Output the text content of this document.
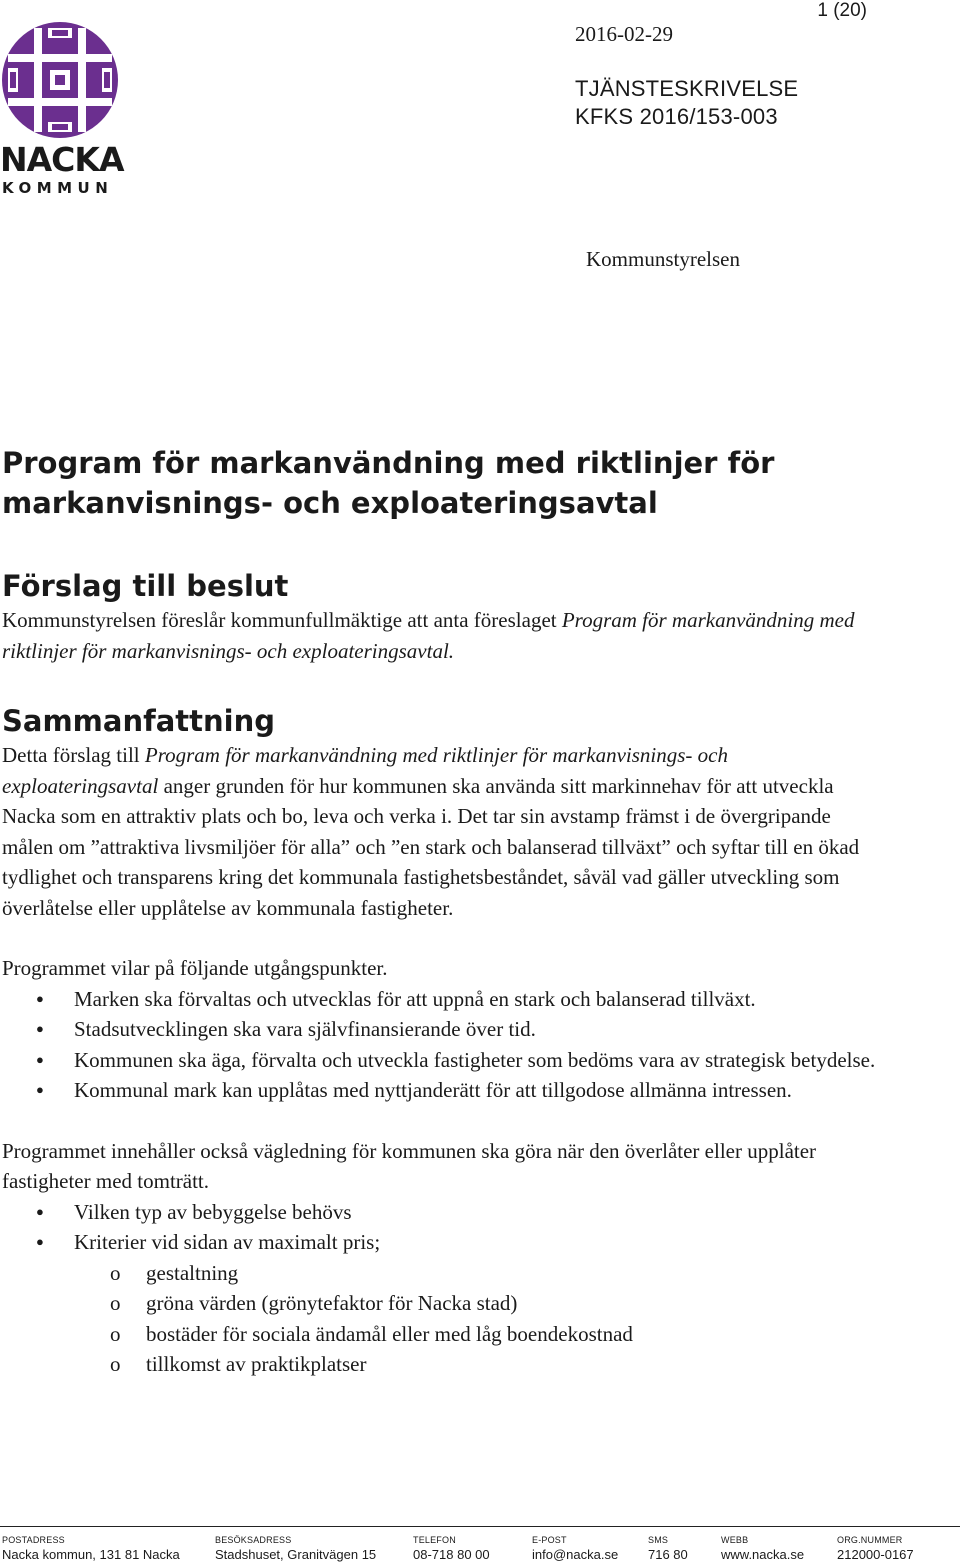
NACKA
KOMMUN
1 (20)
2016-02-29
TJÄNSTESKRIVELSE
KFKS 2016/153-003
Kommunstyrelsen
Program för markanvändning med riktlinjer för markanvisnings- och exploateringsavtal
Förslag till beslut

Kommunstyrelsen föreslår kommunfullmäktige att anta föreslaget Program för markanvändning med riktlinjer för markanvisnings- och exploateringsavtal.

Sammanfattning

Detta förslag till Program för markanvändning med riktlinjer för markanvisnings- och exploateringsavtal anger grunden för hur kommunen ska använda sitt markinnehav för att utveckla Nacka som en attraktiv plats och bo, leva och verka i. Det tar sin avstamp främst i de övergripande målen om ”attraktiva livsmiljöer för alla” och ”en stark och balanserad tillväxt” och syftar till en ökad tydlighet och transparens kring det kommunala fastighetsbeståndet, såväl vad gäller utveckling som överlåtelse eller upplåtelse av kommunala fastigheter.

Programmet vilar på följande utgångspunkter.

● Marken ska förvaltas och utvecklas för att uppnå en stark och balanserad tillväxt.
● Stadsutvecklingen ska vara självfinansierande över tid.
● Kommunen ska äga, förvalta och utveckla fastigheter som bedöms vara av strategisk betydelse.
● Kommunal mark kan upplåtas med nyttjanderätt för att tillgodose allmänna intressen.

Programmet innehåller också vägledning för kommunen ska göra när den överlåter eller upplåter fastigheter med tomträtt.

● Vilken typ av bebyggelse behövs
● Kriterier vid sidan av maximalt pris;
o gestaltning
o gröna värden (grönytefaktor för Nacka stad)
o bostäder för sociala ändamål eller med låg boendekostnad
o tillkomst av praktikplatser
POSTADRESS
Nacka kommun, 131 81 Nacka
BESÖKSADRESS
Stadshuset, Granitvägen 15
TELEFON
08-718 80 00
E-POST
info@nacka.se
SMS
716 80
WEBB
www.nacka.se
ORG.NUMMER
212000-0167
